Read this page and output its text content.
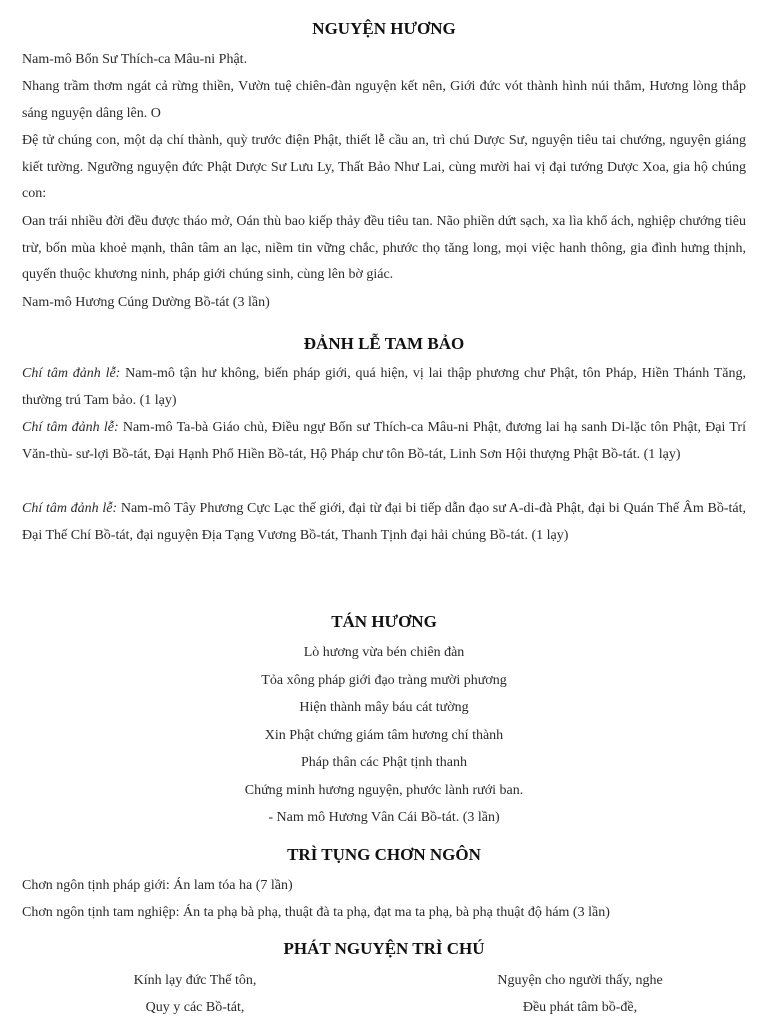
NGUYỆN HƯƠNG

Nam-mô Bổn Sư Thích-ca Mâu-ni Phật.

Nhang trầm thơm ngát cả rừng thiền, Vườn tuệ chiên-đàn nguyện kết nên, Giới đức vót thành hình núi thẳm, Hương lòng thắp sáng nguyện dâng lên. O

Đệ tử chúng con, một dạ chí thành, quỳ trước điện Phật, thiết lễ cầu an, trì chú Dược Sư, nguyện tiêu tai chướng, nguyện giáng kiết tường. Ngưỡng nguyện đức Phật Dược Sư Lưu Ly, Thất Bảo Như Lai, cùng mười hai vị đại tướng Dược Xoa, gia hộ chúng con:

Oan trái nhiều đời đều được tháo mở, Oán thù bao kiếp thảy đều tiêu tan. Não phiền dứt sạch, xa lìa khổ ách, nghiệp chướng tiêu trừ, bốn mùa khoẻ mạnh, thân tâm an lạc, niềm tin vững chắc, phước thọ tăng long, mọi việc hanh thông, gia đình hưng thịnh, quyến thuộc khương ninh, pháp giới chúng sinh, cùng lên bờ giác.

Nam-mô Hương Cúng Dường Bồ-tát (3 lần)

ĐẢNH LỄ TAM BẢO

Chí tâm đảnh lễ: Nam-mô tận hư không, biến pháp giới, quá hiện, vị lai thập phương chư Phật, tôn Pháp, Hiền Thánh Tăng, thường trú Tam bảo. (1 lạy)

Chí tâm đảnh lễ: Nam-mô Ta-bà Giáo chủ, Điều ngự Bổn sư Thích-ca Mâu-ni Phật, đương lai hạ sanh Di-lặc tôn Phật, Đại Trí Văn-thù- sư-lợi Bồ-tát, Đại Hạnh Phổ Hiền Bồ-tát, Hộ Pháp chư tôn Bồ-tát, Linh Sơn Hội thượng Phật Bồ-tát. (1 lạy)

Chí tâm đảnh lễ: Nam-mô Tây Phương Cực Lạc thế giới, đại từ đại bi tiếp dẫn đạo sư A-di-đà Phật, đại bi Quán Thế Âm Bồ-tát, Đại Thế Chí Bồ-tát, đại nguyện Địa Tạng Vương Bồ-tát, Thanh Tịnh đại hải chúng Bồ-tát. (1 lạy)

TÁN HƯƠNG

Lò hương vừa bén chiên đàn

Tỏa xông pháp giới đạo tràng mười phương

Hiện thành mây báu cát tường

Xin Phật chứng giám tâm hương chí thành

Pháp thân các Phật tịnh thanh

Chứng minh hương nguyện, phước lành rưới ban.

- Nam mô Hương Vân Cái Bồ-tát. (3 lần)

TRÌ TỤNG CHƠN NGÔN

Chơn ngôn tịnh pháp giới: Án lam tóa ha (7 lần)

Chơn ngôn tịnh tam nghiệp: Án ta phạ bà phạ, thuật đà ta phạ, đạt ma ta phạ, bà phạ thuật độ hám (3 lần)

PHÁT NGUYỆN TRÌ CHÚ

Kính lạy đức Thế tôn,

Quy y các Bồ-tát,

Nguyện cho người thấy, nghe

Đều phát tâm bồ-đề,
